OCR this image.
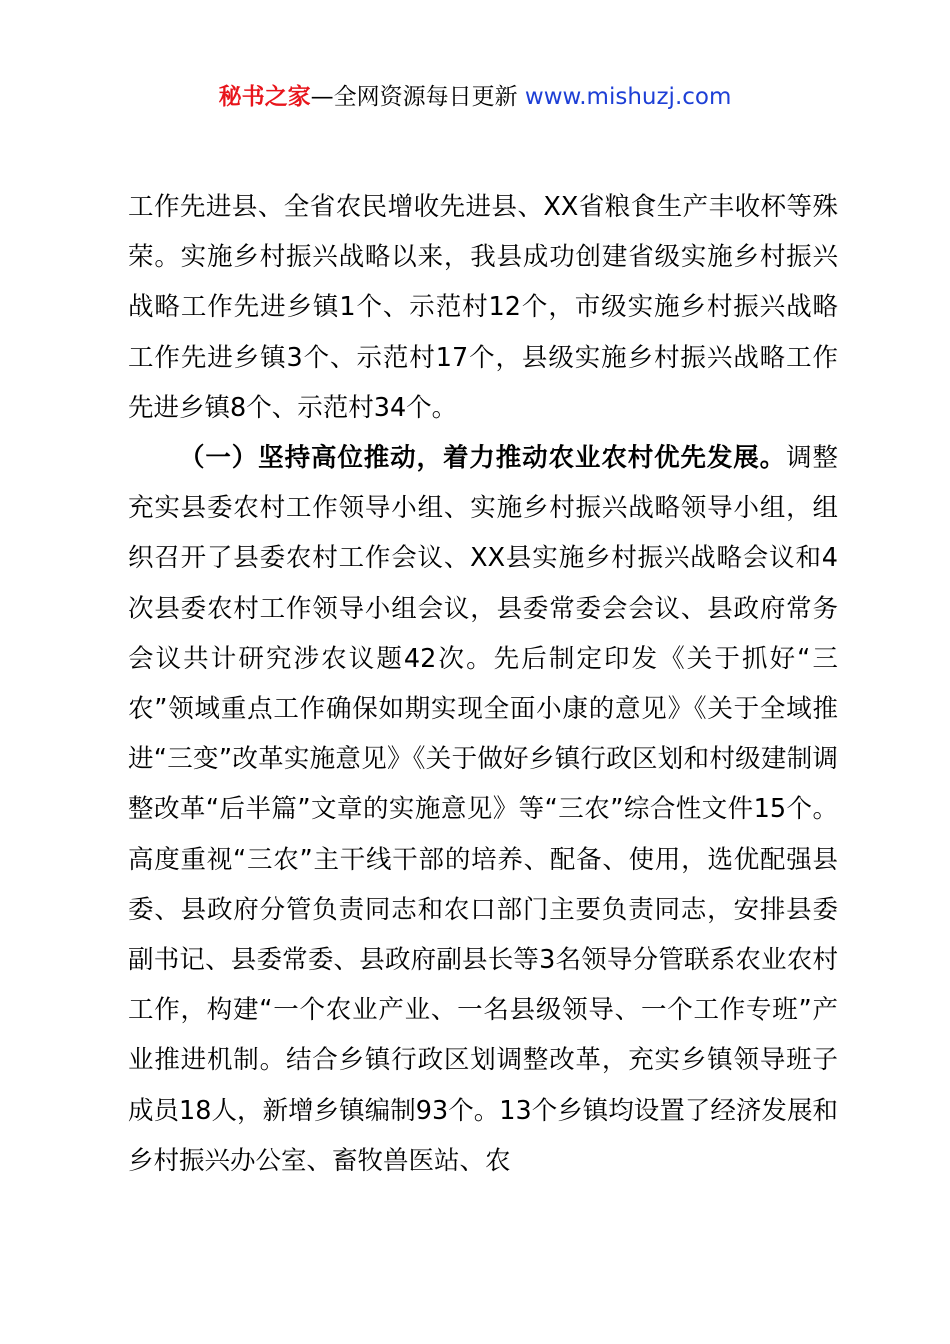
秘书之家—全网资源每日更新 www.mishuzj.com

工作先进县、全省农民增收先进县、XX省粮食生产丰收杯等殊荣。实施乡村振兴战略以来，我县成功创建省级实施乡村振兴战略工作先进乡镇1个、示范村12个，市级实施乡村振兴战略工作先进乡镇3个、示范村17个，县级实施乡村振兴战略工作先进乡镇8个、示范村34个。

（一）坚持高位推动，着力推动农业农村优先发展。调整充实县委农村工作领导小组、实施乡村振兴战略领导小组，组织召开了县委农村工作会议、XX县实施乡村振兴战略会议和4次县委农村工作领导小组会议，县委常委会会议、县政府常务会议共计研究涉农议题42次。先后制定印发《关于抓好“三农”领域重点工作确保如期实现全面小康的意见》《关于全域推进“三变”改革实施意见》《关于做好乡镇行政区划和村级建制调整改革“后半篇”文章的实施意见》等“三农”综合性文件15个。高度重视“三农”主干线干部的培养、配备、使用，选优配强县委、县政府分管负责同志和农口部门主要负责同志，安排县委副书记、县委常委、县政府副县长等3名领导分管联系农业农村工作，构建“一个农业产业、一名县级领导、一个工作专班”产业推进机制。结合乡镇行政区划调整改革，充实乡镇领导班子成员18人，新增乡镇编制93个。13个乡镇均设置了经济发展和乡村振兴办公室、畜牧兽医站、农
